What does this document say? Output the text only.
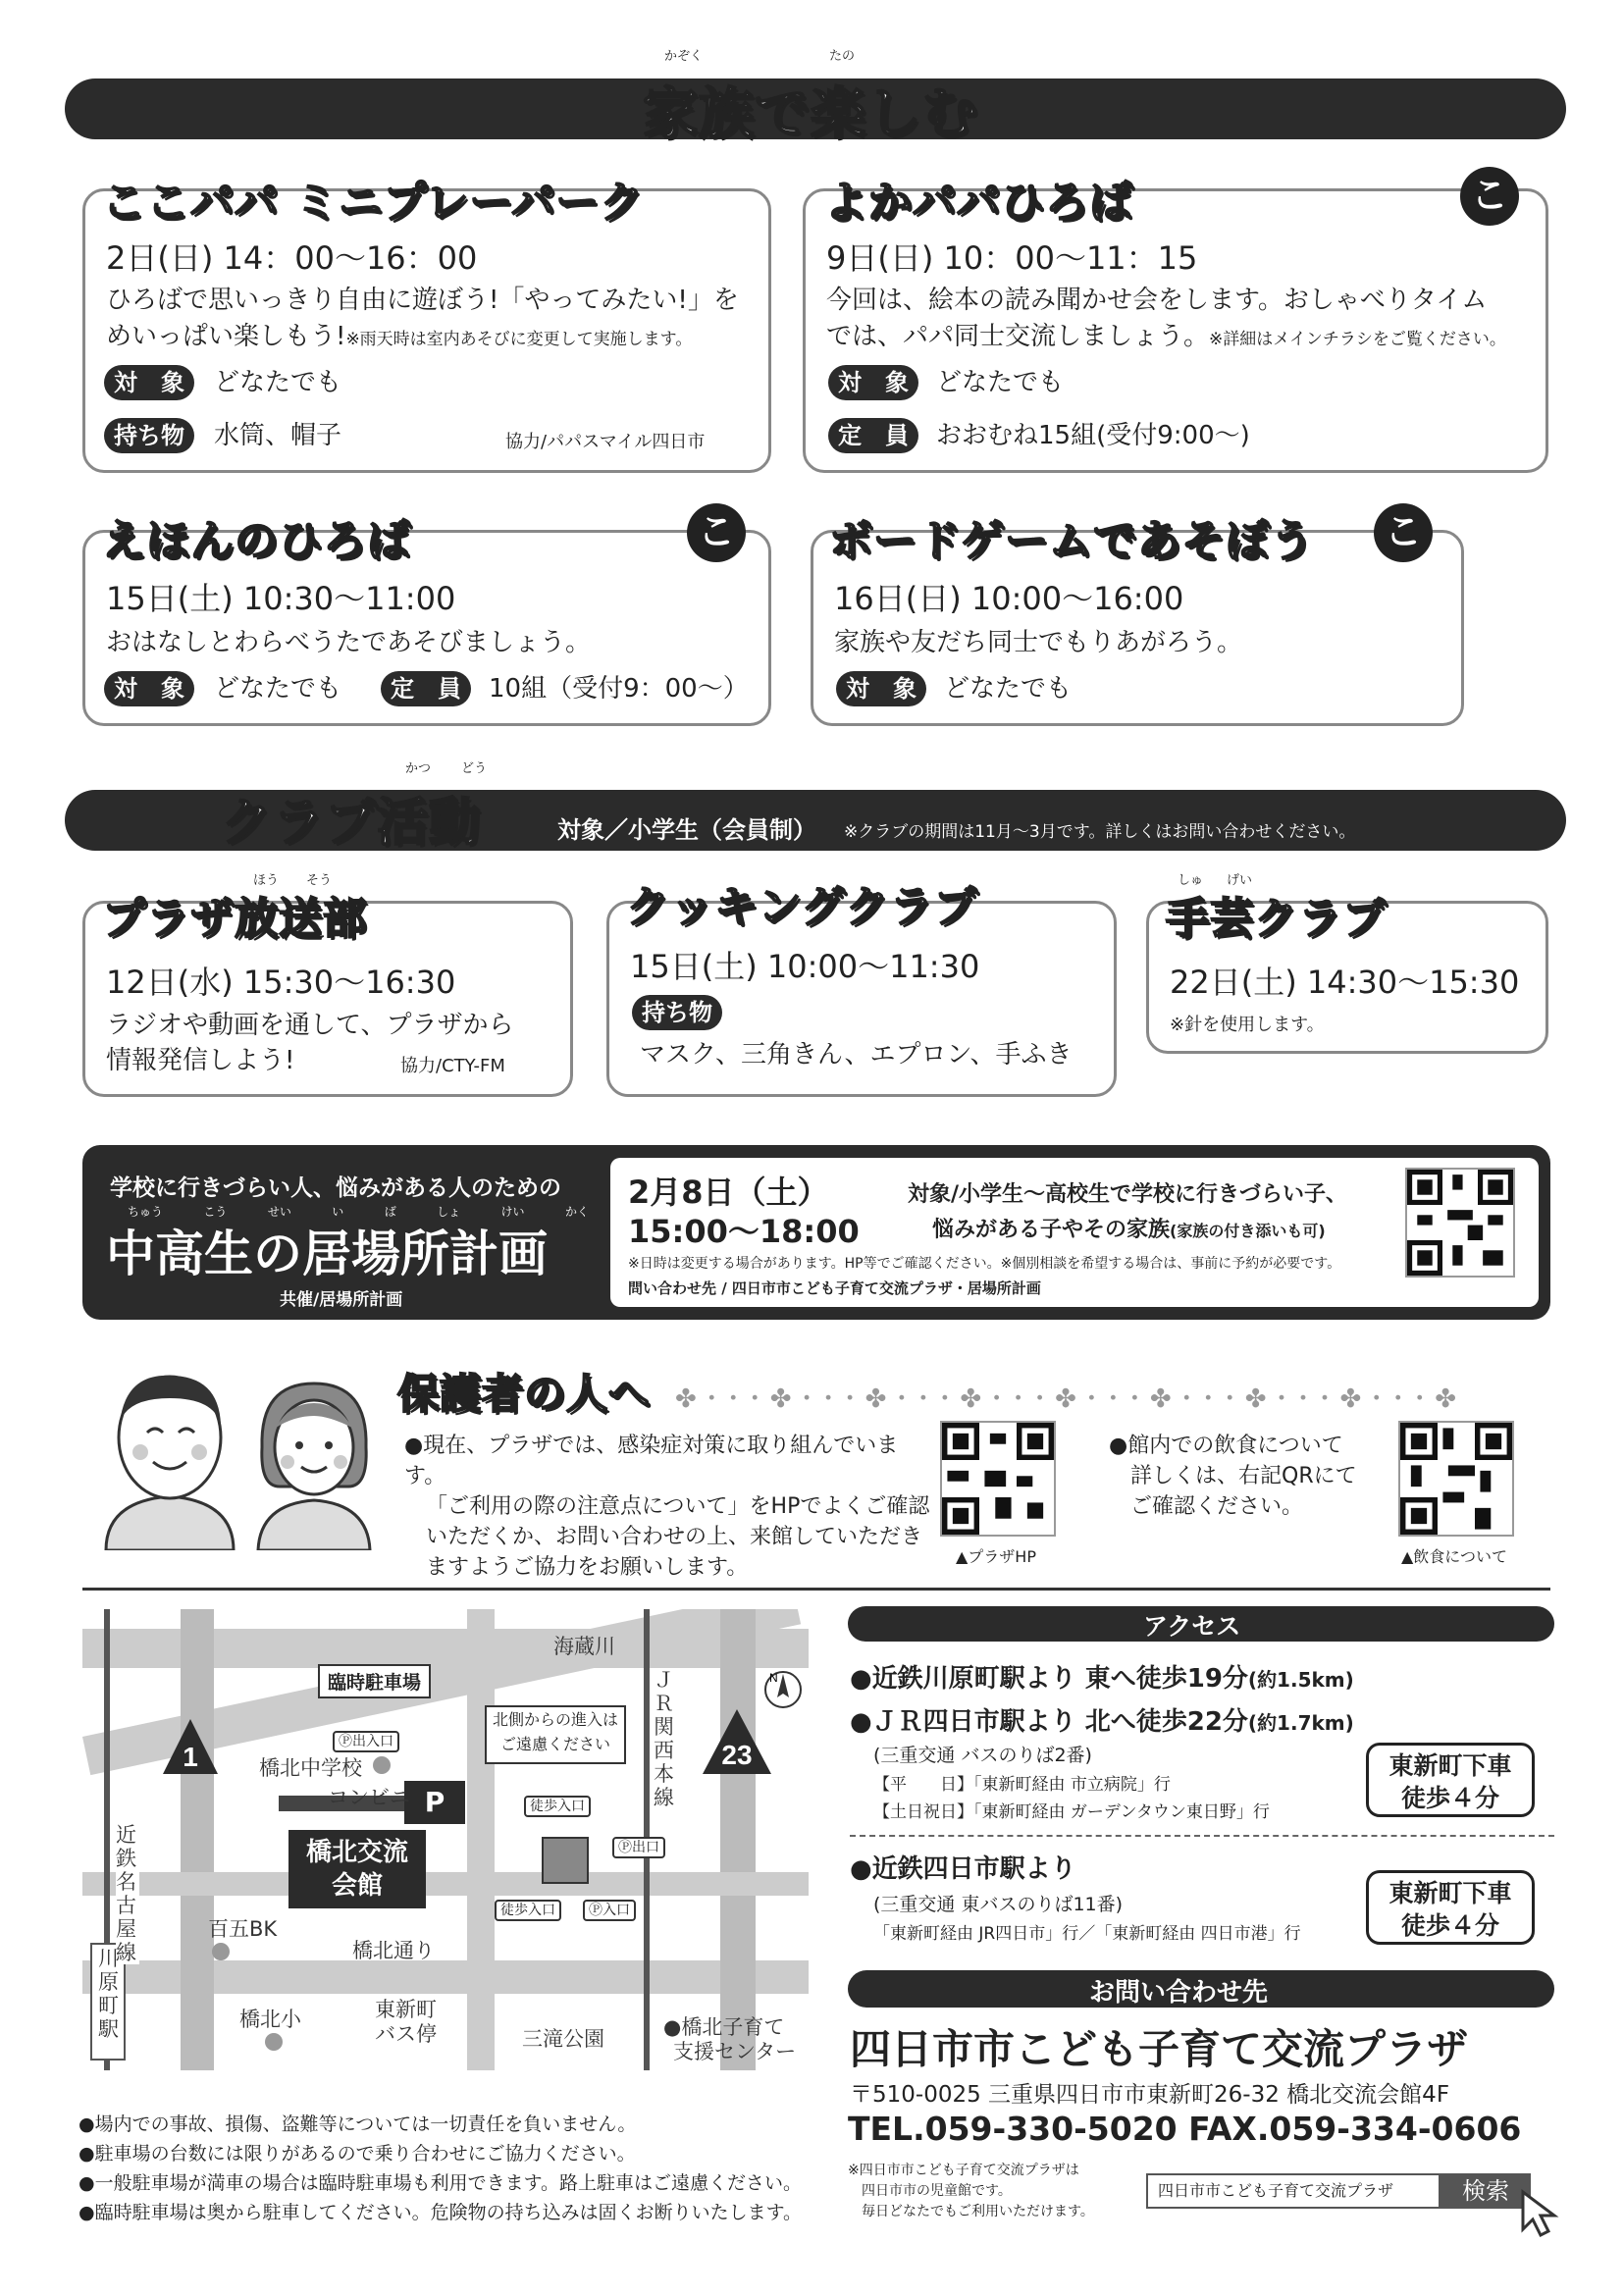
かぞく	たの
家族で楽しむ
ここパパ ミニプレーパーク
2日(日) 14：00〜16：00
ひろばで思いっきり自由に遊ぼう!「やってみたい!」を
めいっぱい楽しもう!※雨天時は室内あそびに変更して実施します。
対　象	どなたでも
持ち物	水筒、帽子	協力/パパスマイル四日市
よかパパひろば	こ
9日(日) 10：00〜11：15
今回は、絵本の読み聞かせ会をします。おしゃべりタイム
では、パパ同士交流しましょう。※詳細はメインチラシをご覧ください。
対　象	どなたでも
定　員	おおむね15組(受付9:00〜)
えほんのひろば	こ
15日(土) 10:30〜11:00
おはなしとわらべうたであそびましょう。
対　象	どなたでも	定　員	10組（受付9：00〜）
ボードゲームであそぼう こ
16日(日) 10:00〜16:00
家族や友だち同士でもりあがろう。
対　象	どなたでも
かつ どう
クラブ活動	対象／小学生（会員制） ※クラブの期間は11月〜3月です。詳しくはお問い合わせください。
ほう そう
プラザ放送部
12日(水) 15:30〜16:30
ラジオや動画を通して、プラザから
情報発信しよう!	協力/CTY-FM
クッキングクラブ
15日(土) 10:00〜11:30
持ち物
マスク、三角きん、エプロン、手ふき
しゅ げい
手芸クラブ
22日(土) 14:30〜15:30
※針を使用します。
学校に行きづらい人、悩みがある人のための
ちゅう	こう	せい	い	ば	しょ	けい	かく
中高生の居場所計画
共催/居場所計画
2月8日（土）
15:00〜18:00
対象/小学生〜高校生で学校に行きづらい子、
悩みがある子やその家族(家族の付き添いも可)
※日時は変更する場合があります。HP等でご確認ください。※個別相談を希望する場合は、事前に予約が必要です。
問い合わせ先 / 四日市市こども子育て交流プラザ・居場所計画	▲居場所計画HP
保護者の人へ ✤･･･✤･･･✤･･･✤･･･✤･･･✤･･･✤･･･✤･･･✤
●現在、プラザでは、感染症対策に取り組んでいます。
「ご利用の際の注意点について」をHPでよくご確認
いただくか、お問い合わせの上、来館していただき
ますようご協力をお願いします。	▲プラザHP
●館内での飲食について
詳しくは、右記QRにて
ご確認ください。
▲飲食について
橋北交流
会館
P
臨時駐車場
Ⓟ出入口
海蔵川
ＪＲ関西本線
橋北中学校
コンビニ
北側からの進入は
ご遠慮ください
徒歩入口
Ⓟ出口
徒歩入口	Ⓟ入口
1	23
N
近鉄名古屋線
百五BK
橋北通り
橋北小	東新町
バス停	三滝公園	●橋北子育て
支援センター
川原町駅
アクセス
●近鉄川原町駅より 東へ徒歩19分(約1.5km)
●ＪＲ四日市駅より 北へ徒歩22分(約1.7km)
(三重交通 バスのりば2番)
【平　　日】「東新町経由 市立病院」行
【土日祝日】「東新町経由 ガーデンタウン東日野」行
東新町下車
徒歩４分
●近鉄四日市駅より
(三重交通 東バスのりば11番)
「東新町経由 JR四日市」行／「東新町経由 四日市港」行
東新町下車
徒歩４分
お問い合わせ先
四日市市こども子育て交流プラザ
〒510-0025 三重県四日市市東新町26-32 橋北交流会館4F
TEL.059-330-5020 FAX.059-334-0606
※四日市市こども子育て交流プラザは
四日市市の児童館です。
毎日どなたでもご利用いただけます。
四日市市こども子育て交流プラザ	検索
●場内での事故、損傷、盗難等については一切責任を負いません。
●駐車場の台数には限りがあるので乗り合わせにご協力ください。
●一般駐車場が満車の場合は臨時駐車場も利用できます。路上駐車はご遠慮ください。
●臨時駐車場は奥から駐車してください。危険物の持ち込みは固くお断りいたします。
